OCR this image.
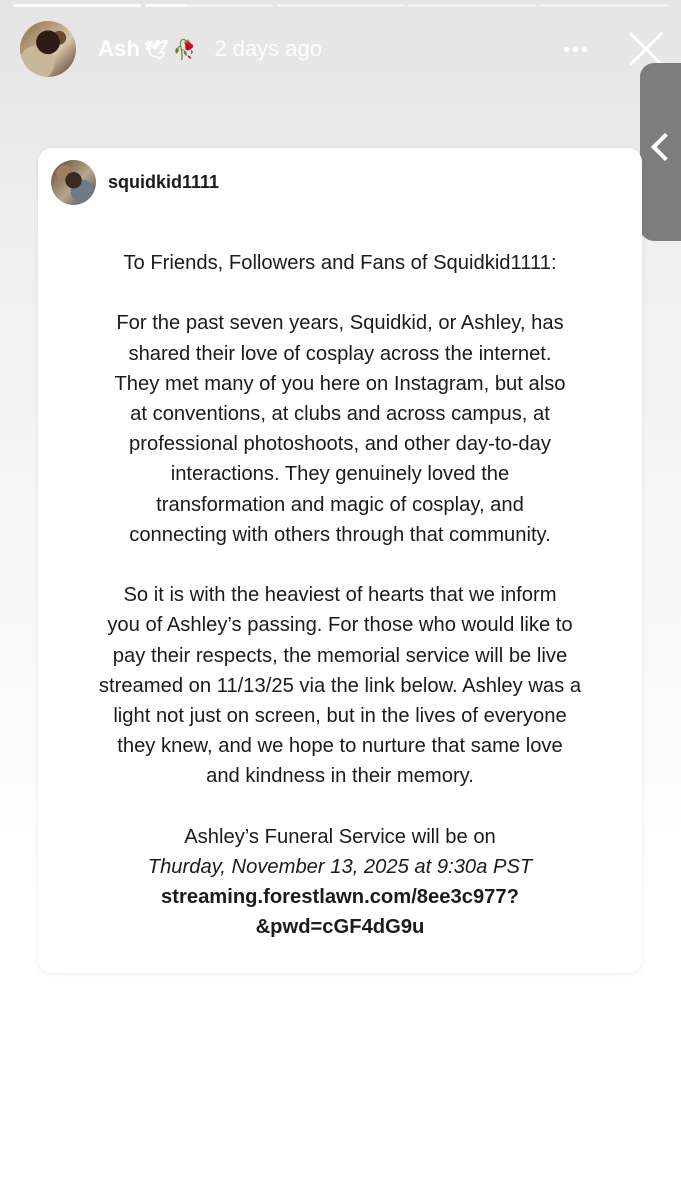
Ash 🕊 🥀 2 days ago
squidkid1111
To Friends, Followers and Fans of Squidkid1111:
For the past seven years, Squidkid, or Ashley, has
shared their love of cosplay across the internet.
They met many of you here on Instagram, but also
at conventions, at clubs and across campus, at
professional photoshoots, and other day-to-day
interactions. They genuinely loved the
transformation and magic of cosplay, and
connecting with others through that community.
So it is with the heaviest of hearts that we inform
you of Ashley’s passing. For those who would like to
pay their respects, the memorial service will be live
streamed on 11/13/25 via the link below. Ashley was a
light not just on screen, but in the lives of everyone
they knew, and we hope to nurture that same love
and kindness in their memory.
Ashley’s Funeral Service will be on
Thurday, November 13, 2025 at 9:30a PST
streaming.forestlawn.com/8ee3c977?
&pwd=cGF4dG9u
